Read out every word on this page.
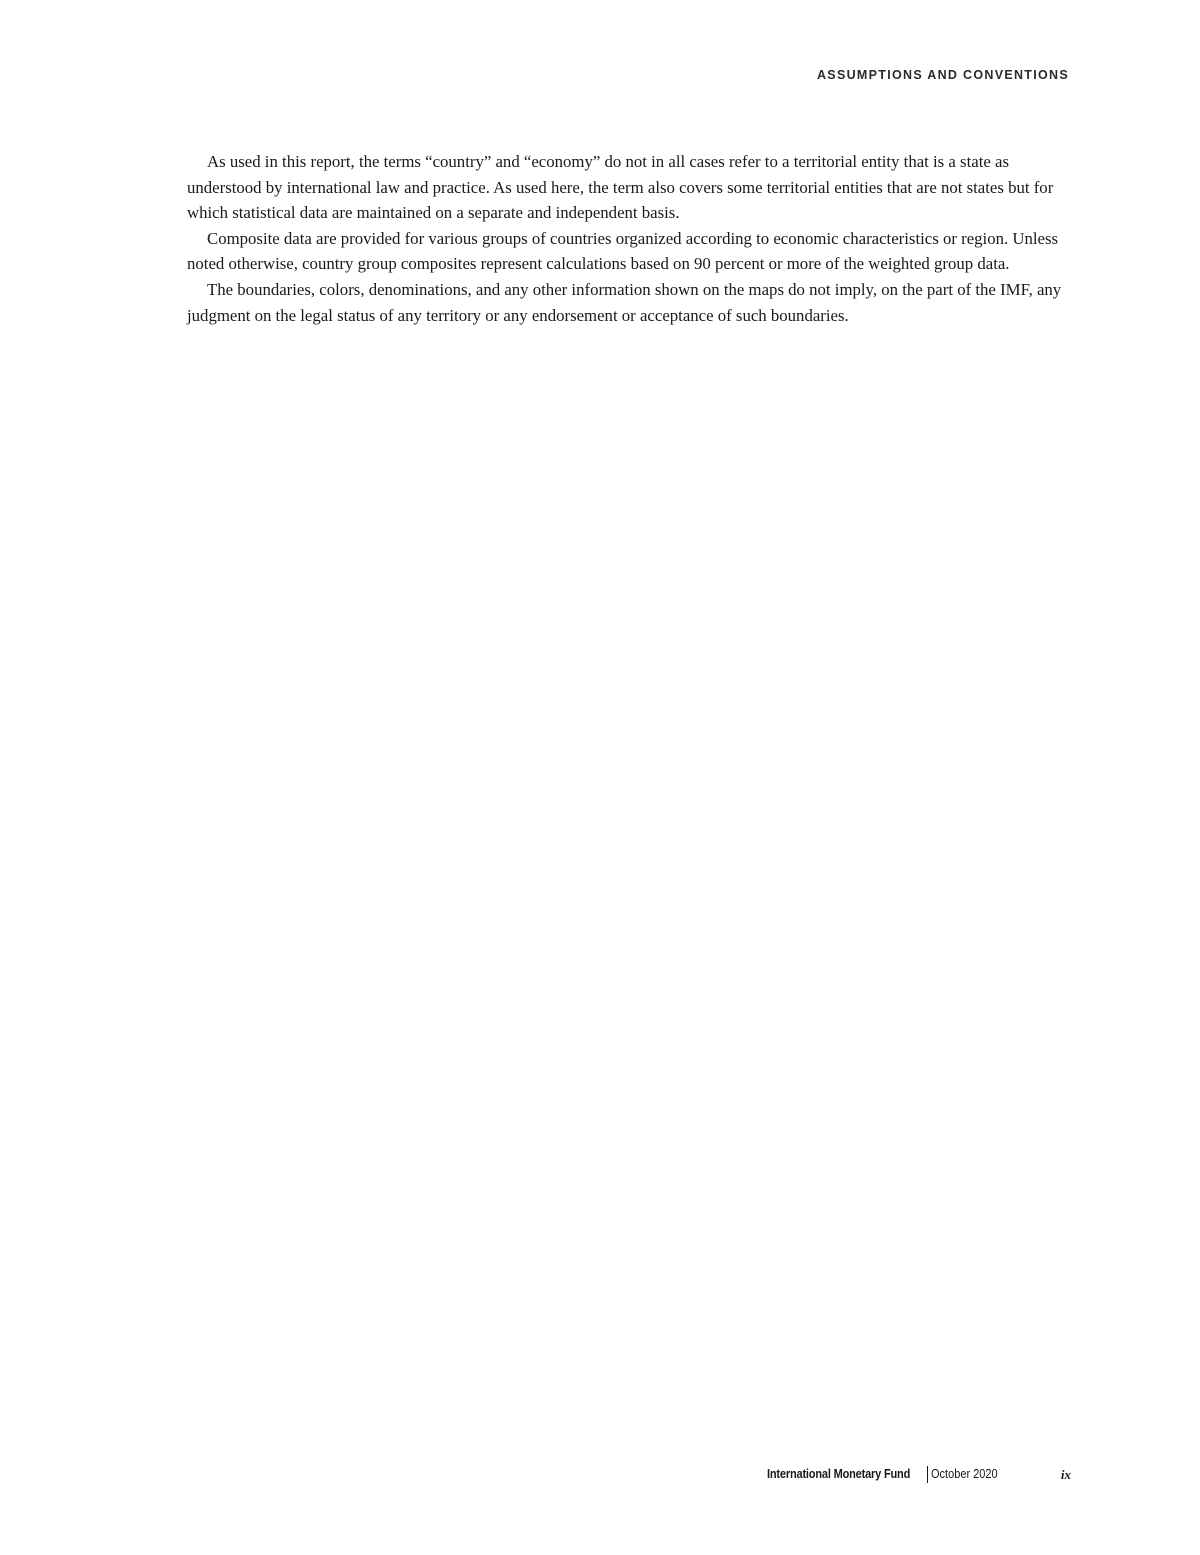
ASSUMPTIONS AND CONVENTIONS

As used in this report, the terms “country” and “economy” do not in all cases refer to a territorial entity that is a state as understood by international law and practice. As used here, the term also covers some territorial entities that are not states but for which statistical data are maintained on a separate and independent basis.

Composite data are provided for various groups of countries organized according to economic characteristics or region. Unless noted otherwise, country group composites represent calculations based on 90 percent or more of the weighted group data.

The boundaries, colors, denominations, and any other information shown on the maps do not imply, on the part of the IMF, any judgment on the legal status of any territory or any endorsement or acceptance of such boundaries.

International Monetary Fund October 2020	ix
